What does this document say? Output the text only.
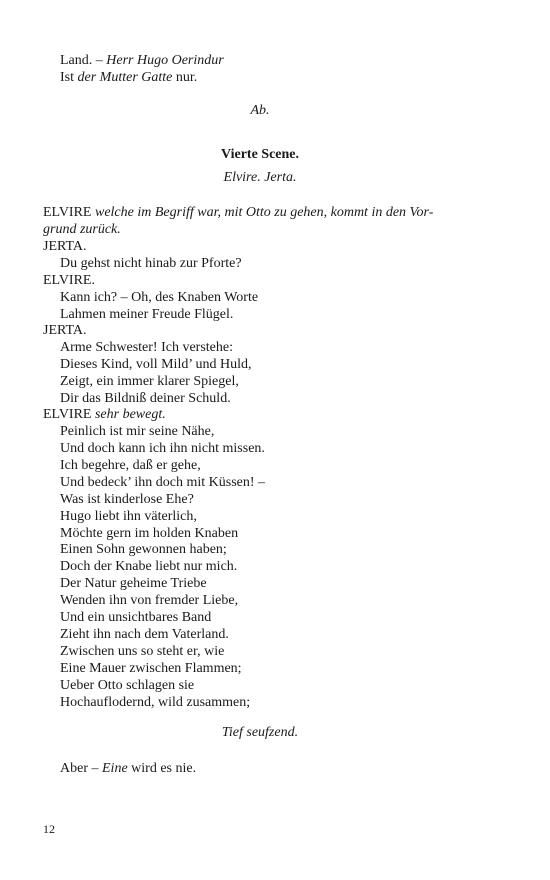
Land. – Herr Hugo Oerindur
Ist der Mutter Gatte nur.
Ab.
Vierte Scene.
Elvire. Jerta.
ELVIRE welche im Begriff war, mit Otto zu gehen, kommt in den Vor-
grund zurück.
JERTA.
Du gehst nicht hinab zur Pforte?
ELVIRE.
Kann ich? – Oh, des Knaben Worte
Lahmen meiner Freude Flügel.
JERTA.
Arme Schwester! Ich verstehe:
Dieses Kind, voll Mild’ und Huld,
Zeigt, ein immer klarer Spiegel,
Dir das Bildniß deiner Schuld.
ELVIRE sehr bewegt.
Peinlich ist mir seine Nähe,
Und doch kann ich ihn nicht missen.
Ich begehre, daß er gehe,
Und bedeck’ ihn doch mit Küssen! –
Was ist kinderlose Ehe?
Hugo liebt ihn väterlich,
Möchte gern im holden Knaben
Einen Sohn gewonnen haben;
Doch der Knabe liebt nur mich.
Der Natur geheime Triebe
Wenden ihn von fremder Liebe,
Und ein unsichtbares Band
Zieht ihn nach dem Vaterland.
Zwischen uns so steht er, wie
Eine Mauer zwischen Flammen;
Ueber Otto schlagen sie
Hochauflodernd, wild zusammen;
Tief seufzend.
Aber – Eine wird es nie.
12
